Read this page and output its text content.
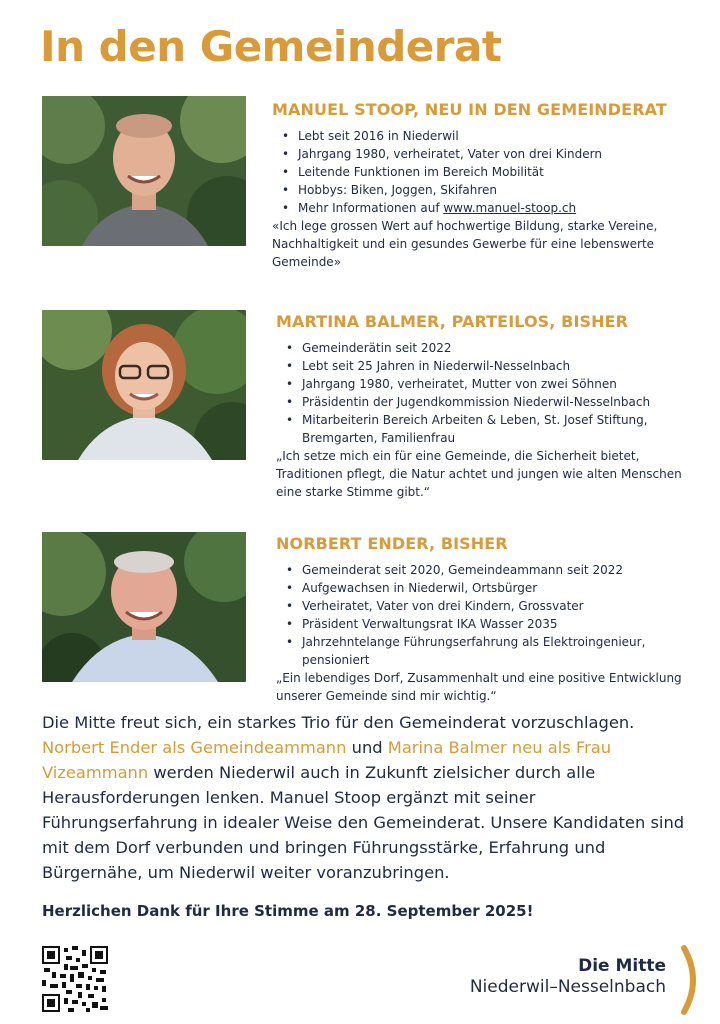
In den Gemeinderat
MANUEL STOOP, NEU IN DEN GEMEINDERAT
• Lebt seit 2016 in Niederwil
• Jahrgang 1980, verheiratet, Vater von drei Kindern
• Leitende Funktionen im Bereich Mobilität
• Hobbys: Biken, Joggen, Skifahren
• Mehr Informationen auf www.manuel-stoop.ch

«Ich lege grossen Wert auf hochwertige Bildung, starke Vereine, Nachhaltigkeit und ein gesundes Gewerbe für eine lebenswerte Gemeinde»

MARTINA BALMER, PARTEILOS, BISHER
• Gemeinderätin seit 2022
• Lebt seit 25 Jahren in Niederwil-Nesselnbach
• Jahrgang 1980, verheiratet, Mutter von zwei Söhnen
• Präsidentin der Jugendkommission Niederwil-Nesselnbach
• Mitarbeiterin Bereich Arbeiten & Leben, St. Josef Stiftung, Bremgarten, Familienfrau

„Ich setze mich ein für eine Gemeinde, die Sicherheit bietet, Traditionen pflegt, die Natur achtet und jungen wie alten Menschen eine starke Stimme gibt.“

NORBERT ENDER, BISHER
• Gemeinderat seit 2020, Gemeindeammann seit 2022
• Aufgewachsen in Niederwil, Ortsbürger
• Verheiratet, Vater von drei Kindern, Grossvater
• Präsident Verwaltungsrat IKA Wasser 2035
• Jahrzehntelange Führungserfahrung als Elektroingenieur, pensioniert

„Ein lebendiges Dorf, Zusammenhalt und eine positive Entwicklung unserer Gemeinde sind mir wichtig.“

Die Mitte freut sich, ein starkes Trio für den Gemeinderat vorzuschlagen. Norbert Ender als Gemeindeammann und Marina Balmer neu als Frau Vizeammann werden Niederwil auch in Zukunft zielsicher durch alle Herausforderungen lenken. Manuel Stoop ergänzt mit seiner Führungserfahrung in idealer Weise den Gemeinderat. Unsere Kandidaten sind mit dem Dorf verbunden und bringen Führungsstärke, Erfahrung und Bürgernähe, um Niederwil weiter voranzubringen.

Herzlichen Dank für Ihre Stimme am 28. September 2025!
Die Mitte
Niederwil–Nesselnbach
